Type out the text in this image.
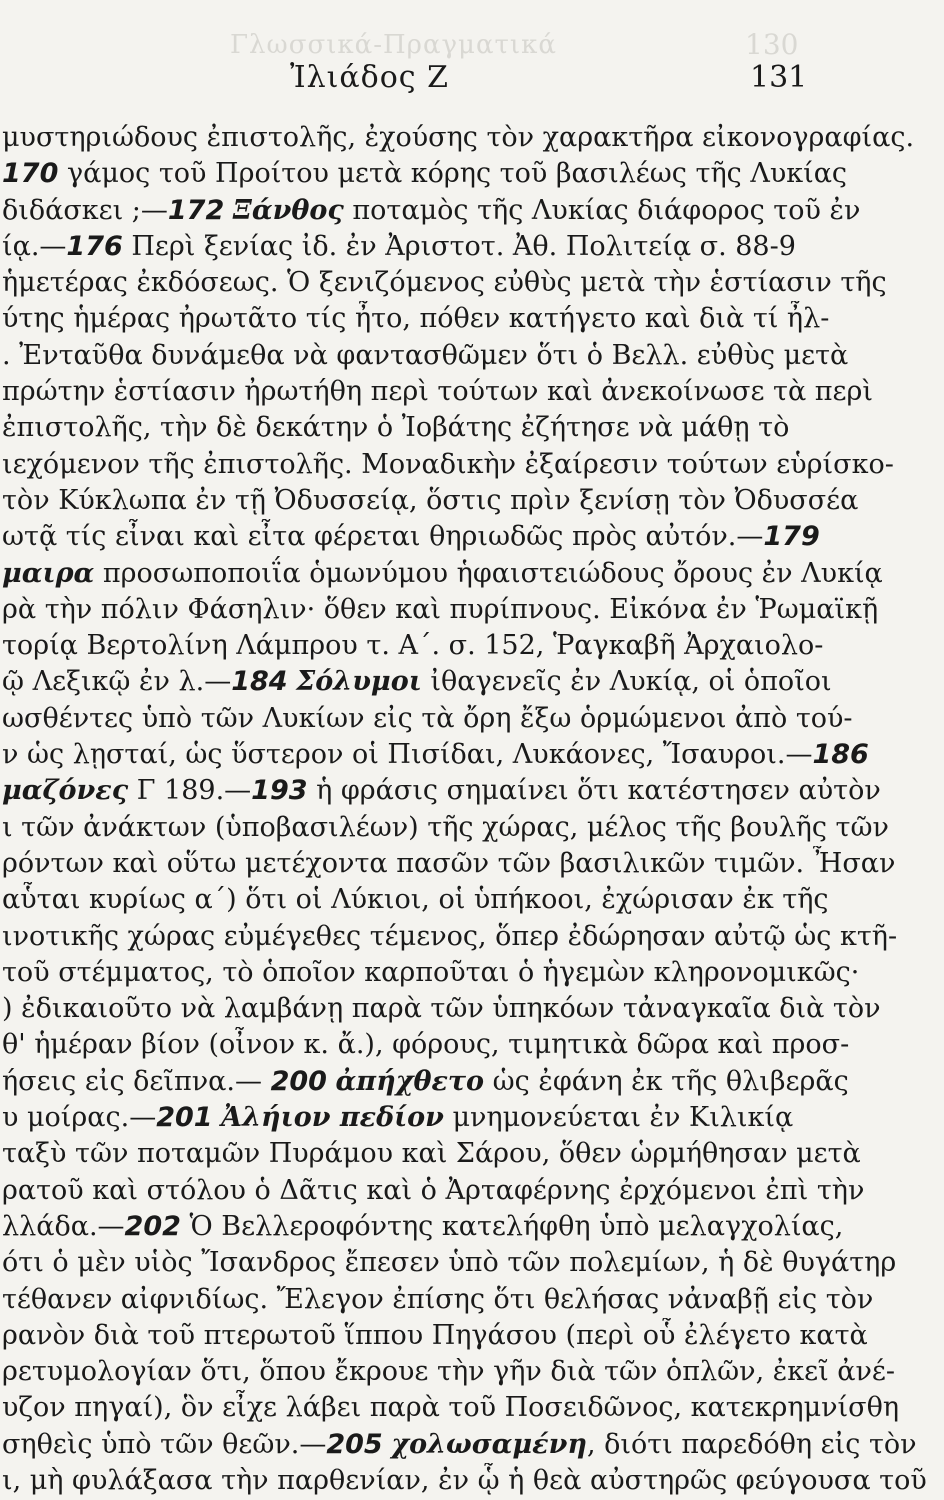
Γλωσσικά-Πραγματικά	130
Ἰλιάδος Ζ	131
μυστηριώδους ἐπιστολῆς, ἐχούσης τὸν χαρακτῆρα εἰκονογραφίας.
170 γάμος τοῦ Προίτου μετὰ κόρης τοῦ βασιλέως τῆς Λυκίας
διδάσκει ;—172 Ξάνθος ποταμὸς τῆς Λυκίας διάφορος τοῦ ἐν
ίᾳ.—176 Περὶ ξενίας ἰδ. ἐν Ἀριστοτ. Ἀθ. Πολιτείᾳ σ. 88-9
ἡμετέρας ἐκδόσεως. Ὁ ξενιζόμενος εὐθὺς μετὰ τὴν ἑστίασιν τῆς
ύτης ἡμέρας ἠρωτᾶτο τίς ἦτο, πόθεν κατήγετο καὶ διὰ τί ἦλ-
. Ἐνταῦθα δυνάμεθα νὰ φαντασθῶμεν ὅτι ὁ Βελλ. εὐθὺς μετὰ
πρώτην ἑστίασιν ἠρωτήθη περὶ τούτων καὶ ἀνεκοίνωσε τὰ περὶ
ἐπιστολῆς, τὴν δὲ δεκάτην ὁ Ἰοβάτης ἐζήτησε νὰ μάθῃ τὸ
ιεχόμενον τῆς ἐπιστολῆς. Μοναδικὴν ἐξαίρεσιν τούτων εὑρίσκο-
τὸν Κύκλωπα ἐν τῇ Ὀδυσσείᾳ, ὅστις πρὶν ξενίσῃ τὸν Ὀδυσσέα
ωτᾷ τίς εἶναι καὶ εἶτα φέρεται θηριωδῶς πρὸς αὐτόν.—179
μαιρα προσωποποιΐα ὁμωνύμου ἡφαιστειώδους ὄρους ἐν Λυκίᾳ
ρὰ τὴν πόλιν Φάσηλιν· ὅθεν καὶ πυρίπνους. Εἰκόνα ἐν Ῥωμαϊκῇ
τορίᾳ Βερτολίνη Λάμπρου τ. Α΄. σ. 152, Ῥαγκαβῆ Ἀρχαιολο-
ῷ Λεξικῷ ἐν λ.—184 Σόλυμοι ἰθαγενεῖς ἐν Λυκίᾳ, οἱ ὁποῖοι
ωσθέντες ὑπὸ τῶν Λυκίων εἰς τὰ ὄρη ἔξω ὁρμώμενοι ἀπὸ τού-
ν ὡς λῃσταί, ὡς ὕστερον οἱ Πισίδαι, Λυκάονες, Ἴσαυροι.—186
μαζόνες Γ 189.—193 ἡ φράσις σημαίνει ὅτι κατέστησεν αὐτὸν
ι τῶν ἀνάκτων (ὑποβασιλέων) τῆς χώρας, μέλος τῆς βουλῆς τῶν
ρόντων καὶ οὕτω μετέχοντα πασῶν τῶν βασιλικῶν τιμῶν. Ἦσαν
αὗται κυρίως α΄) ὅτι οἱ Λύκιοι, οἱ ὑπήκοοι, ἐχώρισαν ἐκ τῆς
ινοτικῆς χώρας εὐμέγεθες τέμενος, ὅπερ ἐδώρησαν αὐτῷ ὡς κτῆ-
τοῦ στέμματος, τὸ ὁποῖον καρποῦται ὁ ἡγεμὼν κληρονομικῶς·
) ἐδικαιοῦτο νὰ λαμβάνῃ παρὰ τῶν ὑπηκόων τἀναγκαῖα διὰ τὸν
θ' ἡμέραν βίον (οἶνον κ. ἄ.), φόρους, τιμητικὰ δῶρα καὶ προσ-
ήσεις εἰς δεῖπνα.— 200 ἀπήχθετο ὡς ἐφάνη ἐκ τῆς θλιβερᾶς
υ μοίρας.—201 Ἀλήιον πεδίον μνημονεύεται ἐν Κιλικίᾳ
ταξὺ τῶν ποταμῶν Πυράμου καὶ Σάρου, ὅθεν ὡρμήθησαν μετὰ
ρατοῦ καὶ στόλου ὁ Δᾶτις καὶ ὁ Ἀρταφέρνης ἐρχόμενοι ἐπὶ τὴν
λλάδα.—202 Ὁ Βελλεροφόντης κατελήφθη ὑπὸ μελαγχολίας,
ότι ὁ μὲν υἱὸς Ἴσανδρος ἔπεσεν ὑπὸ τῶν πολεμίων, ἡ δὲ θυγάτηρ
τέθανεν αἰφνιδίως. Ἔλεγον ἐπίσης ὅτι θελήσας νἀναβῇ εἰς τὸν
ρανὸν διὰ τοῦ πτερωτοῦ ἵππου Πηγάσου (περὶ οὗ ἐλέγετο κατὰ
ρετυμολογίαν ὅτι, ὅπου ἔκρουε τὴν γῆν διὰ τῶν ὁπλῶν, ἐκεῖ ἀνέ-
υζον πηγαί), ὃν εἶχε λάβει παρὰ τοῦ Ποσειδῶνος, κατεκρημνίσθη
σηθεὶς ὑπὸ τῶν θεῶν.—205 χολωσαμένη, διότι παρεδόθη εἰς τὸν
ι, μὴ φυλάξασα τὴν παρθενίαν, ἐν ᾧ ἡ θεὰ αὐστηρῶς φεύγουσα τοῦ
